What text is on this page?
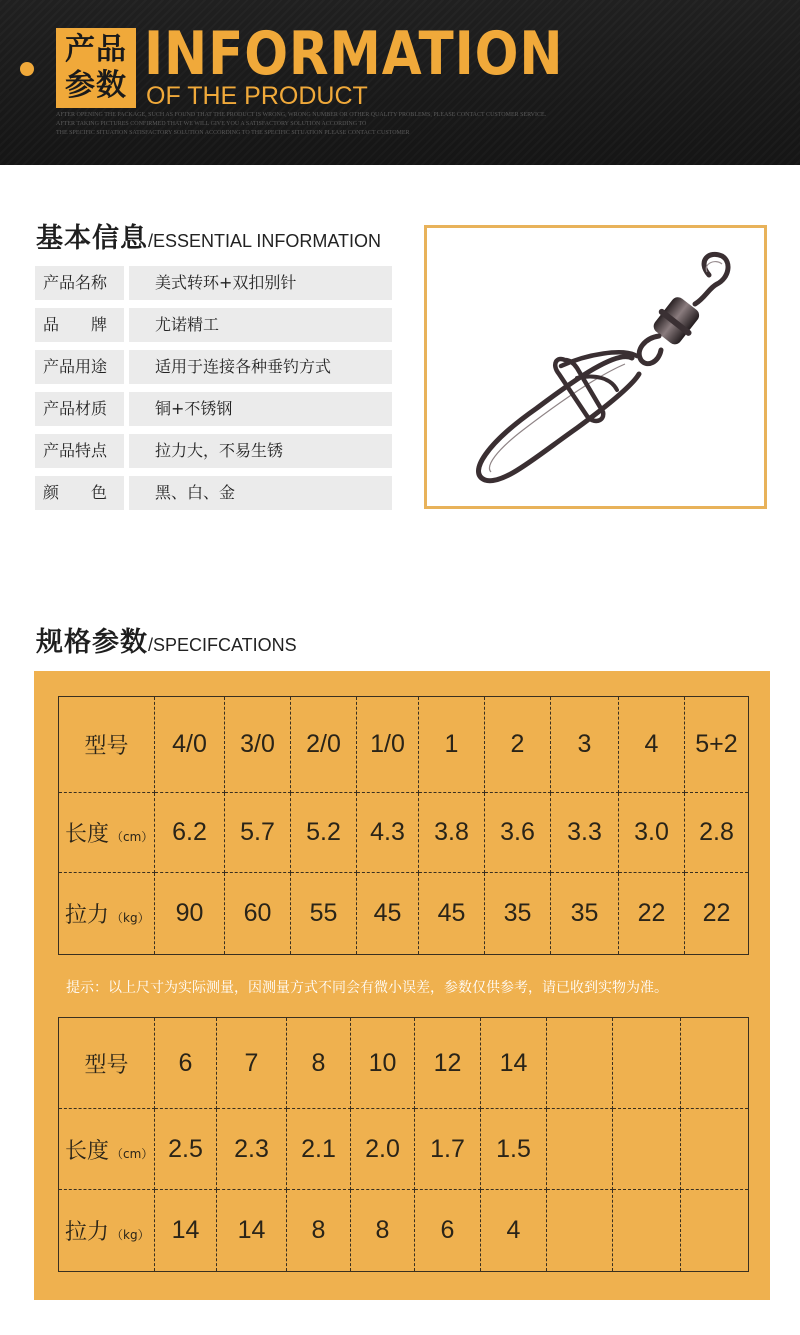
产品
参数 INFORMATION
OF THE PRODUCT
AFTER OPENING THE PACKAGE, SUCH AS FOUND THAT THE PRODUCT IS WRONG, WRONG NUMBER OR OTHER QUALITY PROBLEMS, PLEASE CONTACT CUSTOMER SERVICE.
AFTER TAKING PICTURES CONFIRMED THAT WE WILL GIVE YOU A SATISFACTORY SOLUTION ACCORDING TO
THE SPECIFIC SITUATION SATISFACTORY SOLUTION ACCORDING TO THE SPECIFIC SITUATION PLEASE CONTACT CUSTOMER
基本信息/ESSENTIAL INFORMATION
产品名称	美式转环+双扣别针
品　　牌	尤诺精工
产品用途	适用于连接各种垂钓方式
产品材质	铜+不锈钢
产品特点	拉力大，不易生锈
颜　　色	黑、白、金
规格参数/SPECIFCATIONS
型号	4/0	3/0	2/0	1/0	1	2	3	4	5+2
长度 （cm）	6.2	5.7	5.2	4.3	3.8	3.6	3.3	3.0	2.8
拉力 （kg）	90	60	55	45	45	35	35	22	22
提示：以上尺寸为实际测量，因测量方式不同会有微小误差，参数仅供参考，请已收到实物为准。
型号	6	7	8	10	12	14			
长度 （cm）	2.5	2.3	2.1	2.0	1.7	1.5			
拉力 （kg）	14	14	8	8	6	4			
